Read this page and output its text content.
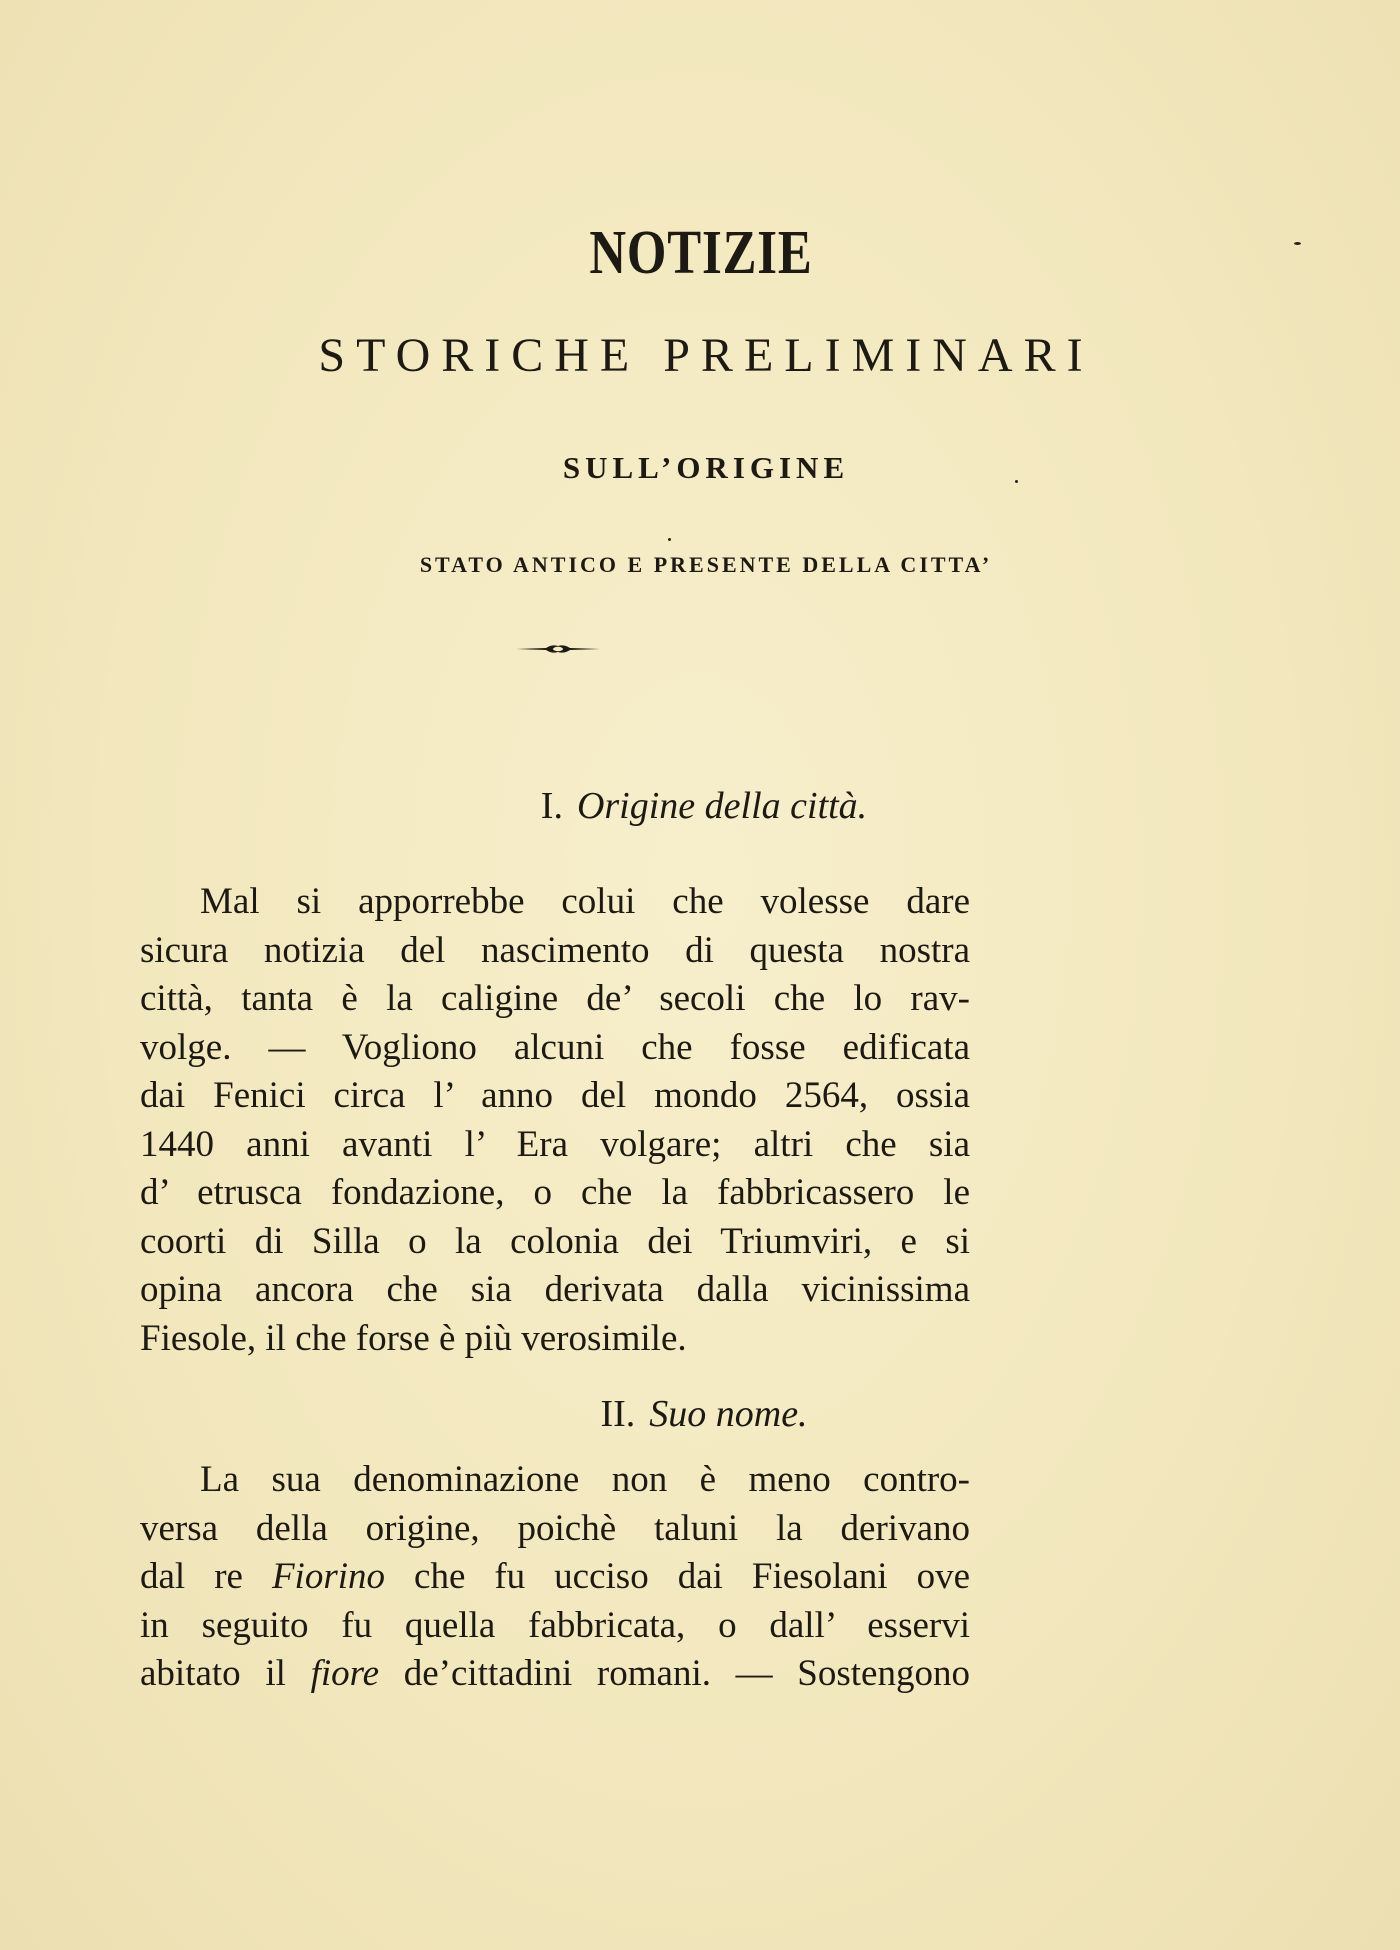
NOTIZIE
STORICHE PRELIMINARI
SULL’ORIGINE
STATO ANTICO E PRESENTE DELLA CITTA’
I. Origine della città.
Mal si apporrebbe colui che volesse dare
sicura notizia del nascimento di questa nostra
città, tanta è la caligine de’ secoli che lo rav-
volge. — Vogliono alcuni che fosse edificata
dai Fenici circa l’ anno del mondo 2564, ossia
1440 anni avanti l’ Era volgare; altri che sia
d’ etrusca fondazione, o che la fabbricassero le
coorti di Silla o la colonia dei Triumviri, e si
opina ancora che sia derivata dalla vicinissima
Fiesole, il che forse è più verosimile.
II. Suo nome.
La sua denominazione non è meno contro-
versa della origine, poichè taluni la derivano
dal re Fiorino che fu ucciso dai Fiesolani ove
in seguito fu quella fabbricata, o dall’ esservi
abitato il fiore de’cittadini romani. — Sostengono
